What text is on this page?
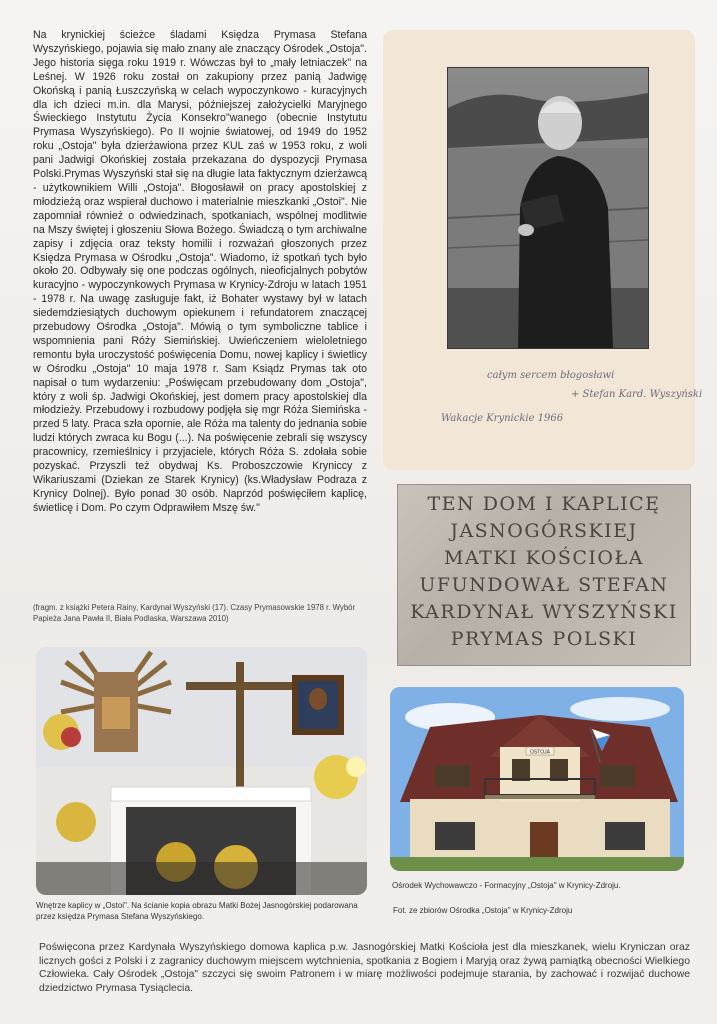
Na krynickiej ścieżce śladami Księdza Prymasa Stefana Wyszyńskiego, pojawia się mało znany ale znaczący Ośrodek „Ostoja". Jego historia sięga roku 1919 r. Wówczas był to „mały letniaczek" na Leśnej. W 1926 roku został on zakupiony przez panią Jadwigę Okońską i panią Łuszczyńską w celach wypoczynkowo - kuracyjnych dla ich dzieci m.in. dla Marysi, późniejszej założycielki Maryjnego Świeckiego Instytutu Życia Konsekro"wanego (obecnie Instytutu Prymasa Wyszyńskiego). Po II wojnie światowej, od 1949 do 1952 roku „Ostoja" była dzierżawiona przez KUL zaś w 1953 roku, z woli pani Jadwigi Okońskiej została przekazana do dyspozycji Prymasa Polski.Prymas Wyszyński stał się na długie lata faktycznym dzierżawcą - użytkownikiem Willi „Ostoja". Błogosławił on pracy apostolskiej z młodzieżą oraz wspierał duchowo i materialnie mieszkanki „Ostoi". Nie zapomniał również o odwiedzinach, spotkaniach, wspólnej modlitwie na Mszy świętej i głoszeniu Słowa Bożego. Świadczą o tym archiwalne zapisy i zdjęcia oraz teksty homilii i rozważań głoszonych przez Księdza Prymasa w Ośrodku „Ostoja". Wiadomo, iż spotkań tych było około 20. Odbywały się one podczas ogólnych, nieoficjalnych pobytów kuracyjno - wypoczynkowych Prymasa w Krynicy-Zdroju w latach 1951 - 1978 r. Na uwagę zasługuje fakt, iż Bohater wystawy był w latach siedemdziesiątych duchowym opiekunem i refundatorem znaczącej przebudowy Ośrodka „Ostoja". Mówią o tym symboliczne tablice i wspomnienia pani Róży Siemińskiej. Uwieńczeniem wieloletniego remontu była uroczystość poświęcenia Domu, nowej kaplicy i świetlicy w Ośrodku „Ostoja" 10 maja 1978 r. Sam Ksiądz Prymas tak oto napisał o tum wydarzeniu: „Poświęcam przebudowany dom „Ostoja", który z woli śp. Jadwigi Okońskiej, jest domem pracy apostolskiej dla młodzieży. Przebudowy i rozbudowy podjęła się mgr Róża Siemińska - przed 5 laty. Praca szła opornie, ale Róża ma talenty do jednania sobie ludzi których zwraca ku Bogu (...). Na poświęcenie zebrali się wszyscy pracownicy, rzemieślnicy i przyjaciele, których Róża S. zdołała sobie pozyskać. Przyszli też obydwaj Ks. Proboszczowie Kryniccy z Wikariuszami (Dziekan ze Starek Krynicy) (ks.Władysław Podraza z Krynicy Dolnej). Było ponad 30 osób. Naprzód poświęciłem kaplicę, świetlicę i Dom. Po czym Odprawiłem Mszę św."

(fragm. z książki Petera Rainy, Kardynał Wyszyński (17). Czasy Prymasowskie 1978 r. Wybór Papieża Jana Pawła II, Biała Podlaska, Warszawa 2010)
całym sercem błogosławi
+ Stefan Kard. Wyszyński
Wakacje Krynickie 1966
TEN DOM I KAPLICĘ
JASNOGÓRSKIEJ
MATKI KOŚCIOŁA
UFUNDOWAŁ STEFAN
KARDYNAŁ WYSZYŃSKI
PRYMAS POLSKI
OSTOJA
Wnętrze kaplicy w „Ostoi". Na ścianie kopia obrazu Matki Bożej Jasnogórskiej podarowana przez księdza Prymasa Stefana Wyszyńskiego.
Ośrodek Wychowawczo - Formacyjny „Ostoja" w Krynicy-Zdroju.
Fot. ze zbiorów Ośrodka „Ostoja" w Krynicy-Zdroju

Poświęcona przez Kardynała Wyszyńskiego domowa kaplica p.w. Jasnogórskiej Matki Kościoła jest dla mieszkanek, wielu Kryniczan oraz licznych gości z Polski i z zagranicy duchowym miejscem wytchnienia, spotkania z Bogiem i Maryją oraz żywą pamiątką obecności Wielkiego Człowieka. Cały Ośrodek „Ostoja" szczyci się swoim Patronem i w miarę możliwości podejmuje starania, by zachować i rozwijać duchowe dziedzictwo Prymasa Tysiąclecia.
